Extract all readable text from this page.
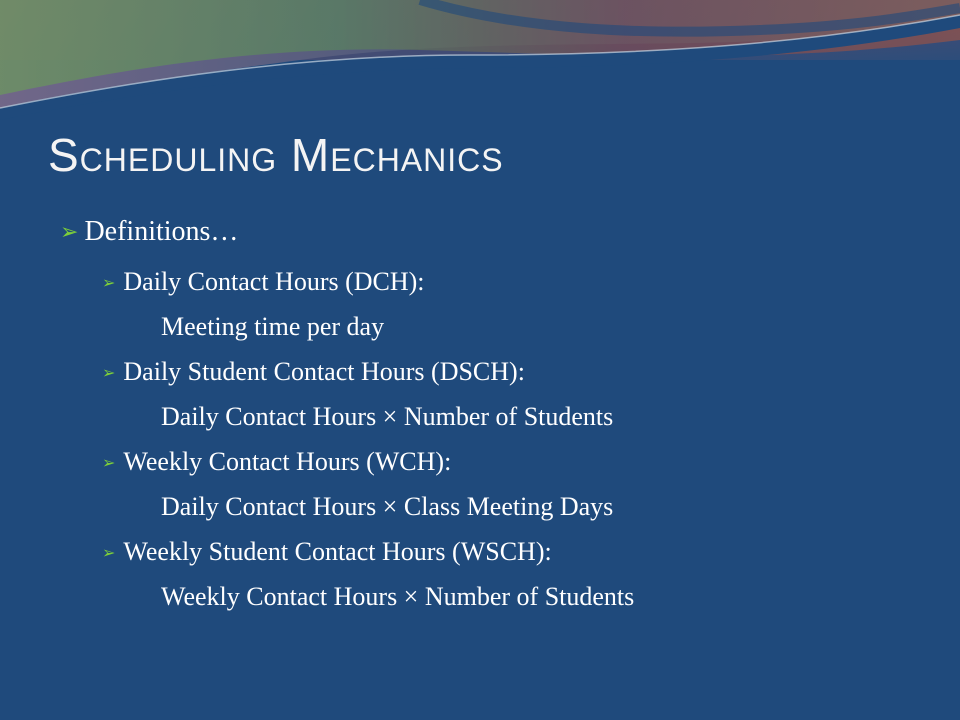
Scheduling Mechanics
➢ Definitions…
➢ Daily Contact Hours (DCH):
Meeting time per day
➢ Daily Student Contact Hours (DSCH):
Daily Contact Hours × Number of Students
➢ Weekly Contact Hours (WCH):
Daily Contact Hours × Class Meeting Days
➢ Weekly Student Contact Hours (WSCH):
Weekly Contact Hours × Number of Students
